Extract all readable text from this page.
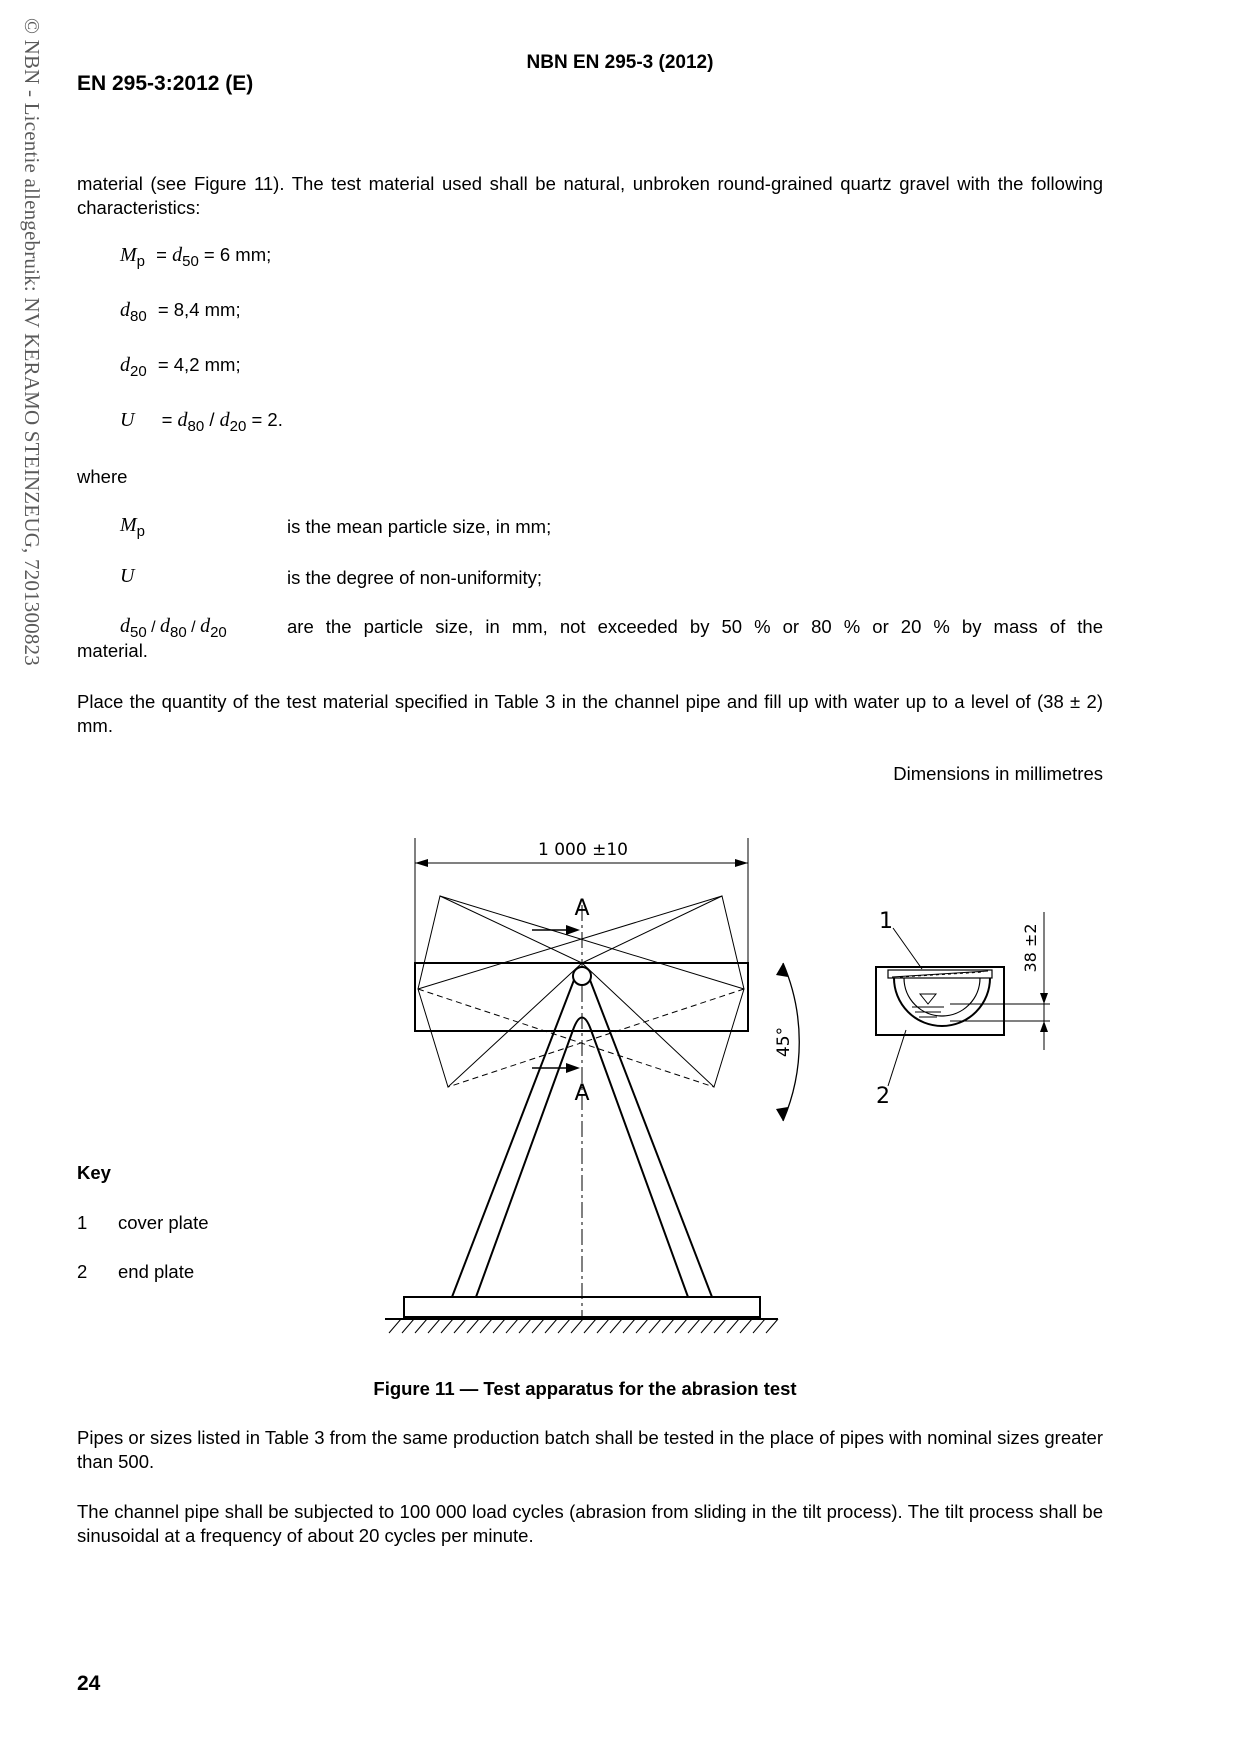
© NBN - Licentie allengebruik: NV KERAMO STEINZEUG, 7201300823	NBN EN 295-3 (2012)
EN 295-3:2012 (E)
material (see Figure 11). The test material used shall be natural, unbroken round-grained quartz gravel with the following characteristics:
$M_p = d_{50} = 6$ mm;
$d_{80} = 8,4$ mm;
$d_{20} = 4,2$ mm;
$U = d_{80} / d_{20} = 2$.
where
Mp	is the mean particle size, in mm;
U	is the degree of non-uniformity;
d50 / d80 / d20	are the particle size, in mm, not exceeded by 50 % or 80 % or 20 % by mass of the
material.
Place the quantity of the test material specified in Table 3 in the channel pipe and fill up with water up to a level of (38 ± 2) mm.
Dimensions in millimetres
1 000 ±10
A
A
45°
38 ±2
1
2
Key
1 cover plate
2 end plate
Figure 11 — Test apparatus for the abrasion test
Pipes or sizes listed in Table 3 from the same production batch shall be tested in the place of pipes with nominal sizes greater than 500.
The channel pipe shall be subjected to 100 000 load cycles (abrasion from sliding in the tilt process). The tilt process shall be sinusoidal at a frequency of about 20 cycles per minute.
24
